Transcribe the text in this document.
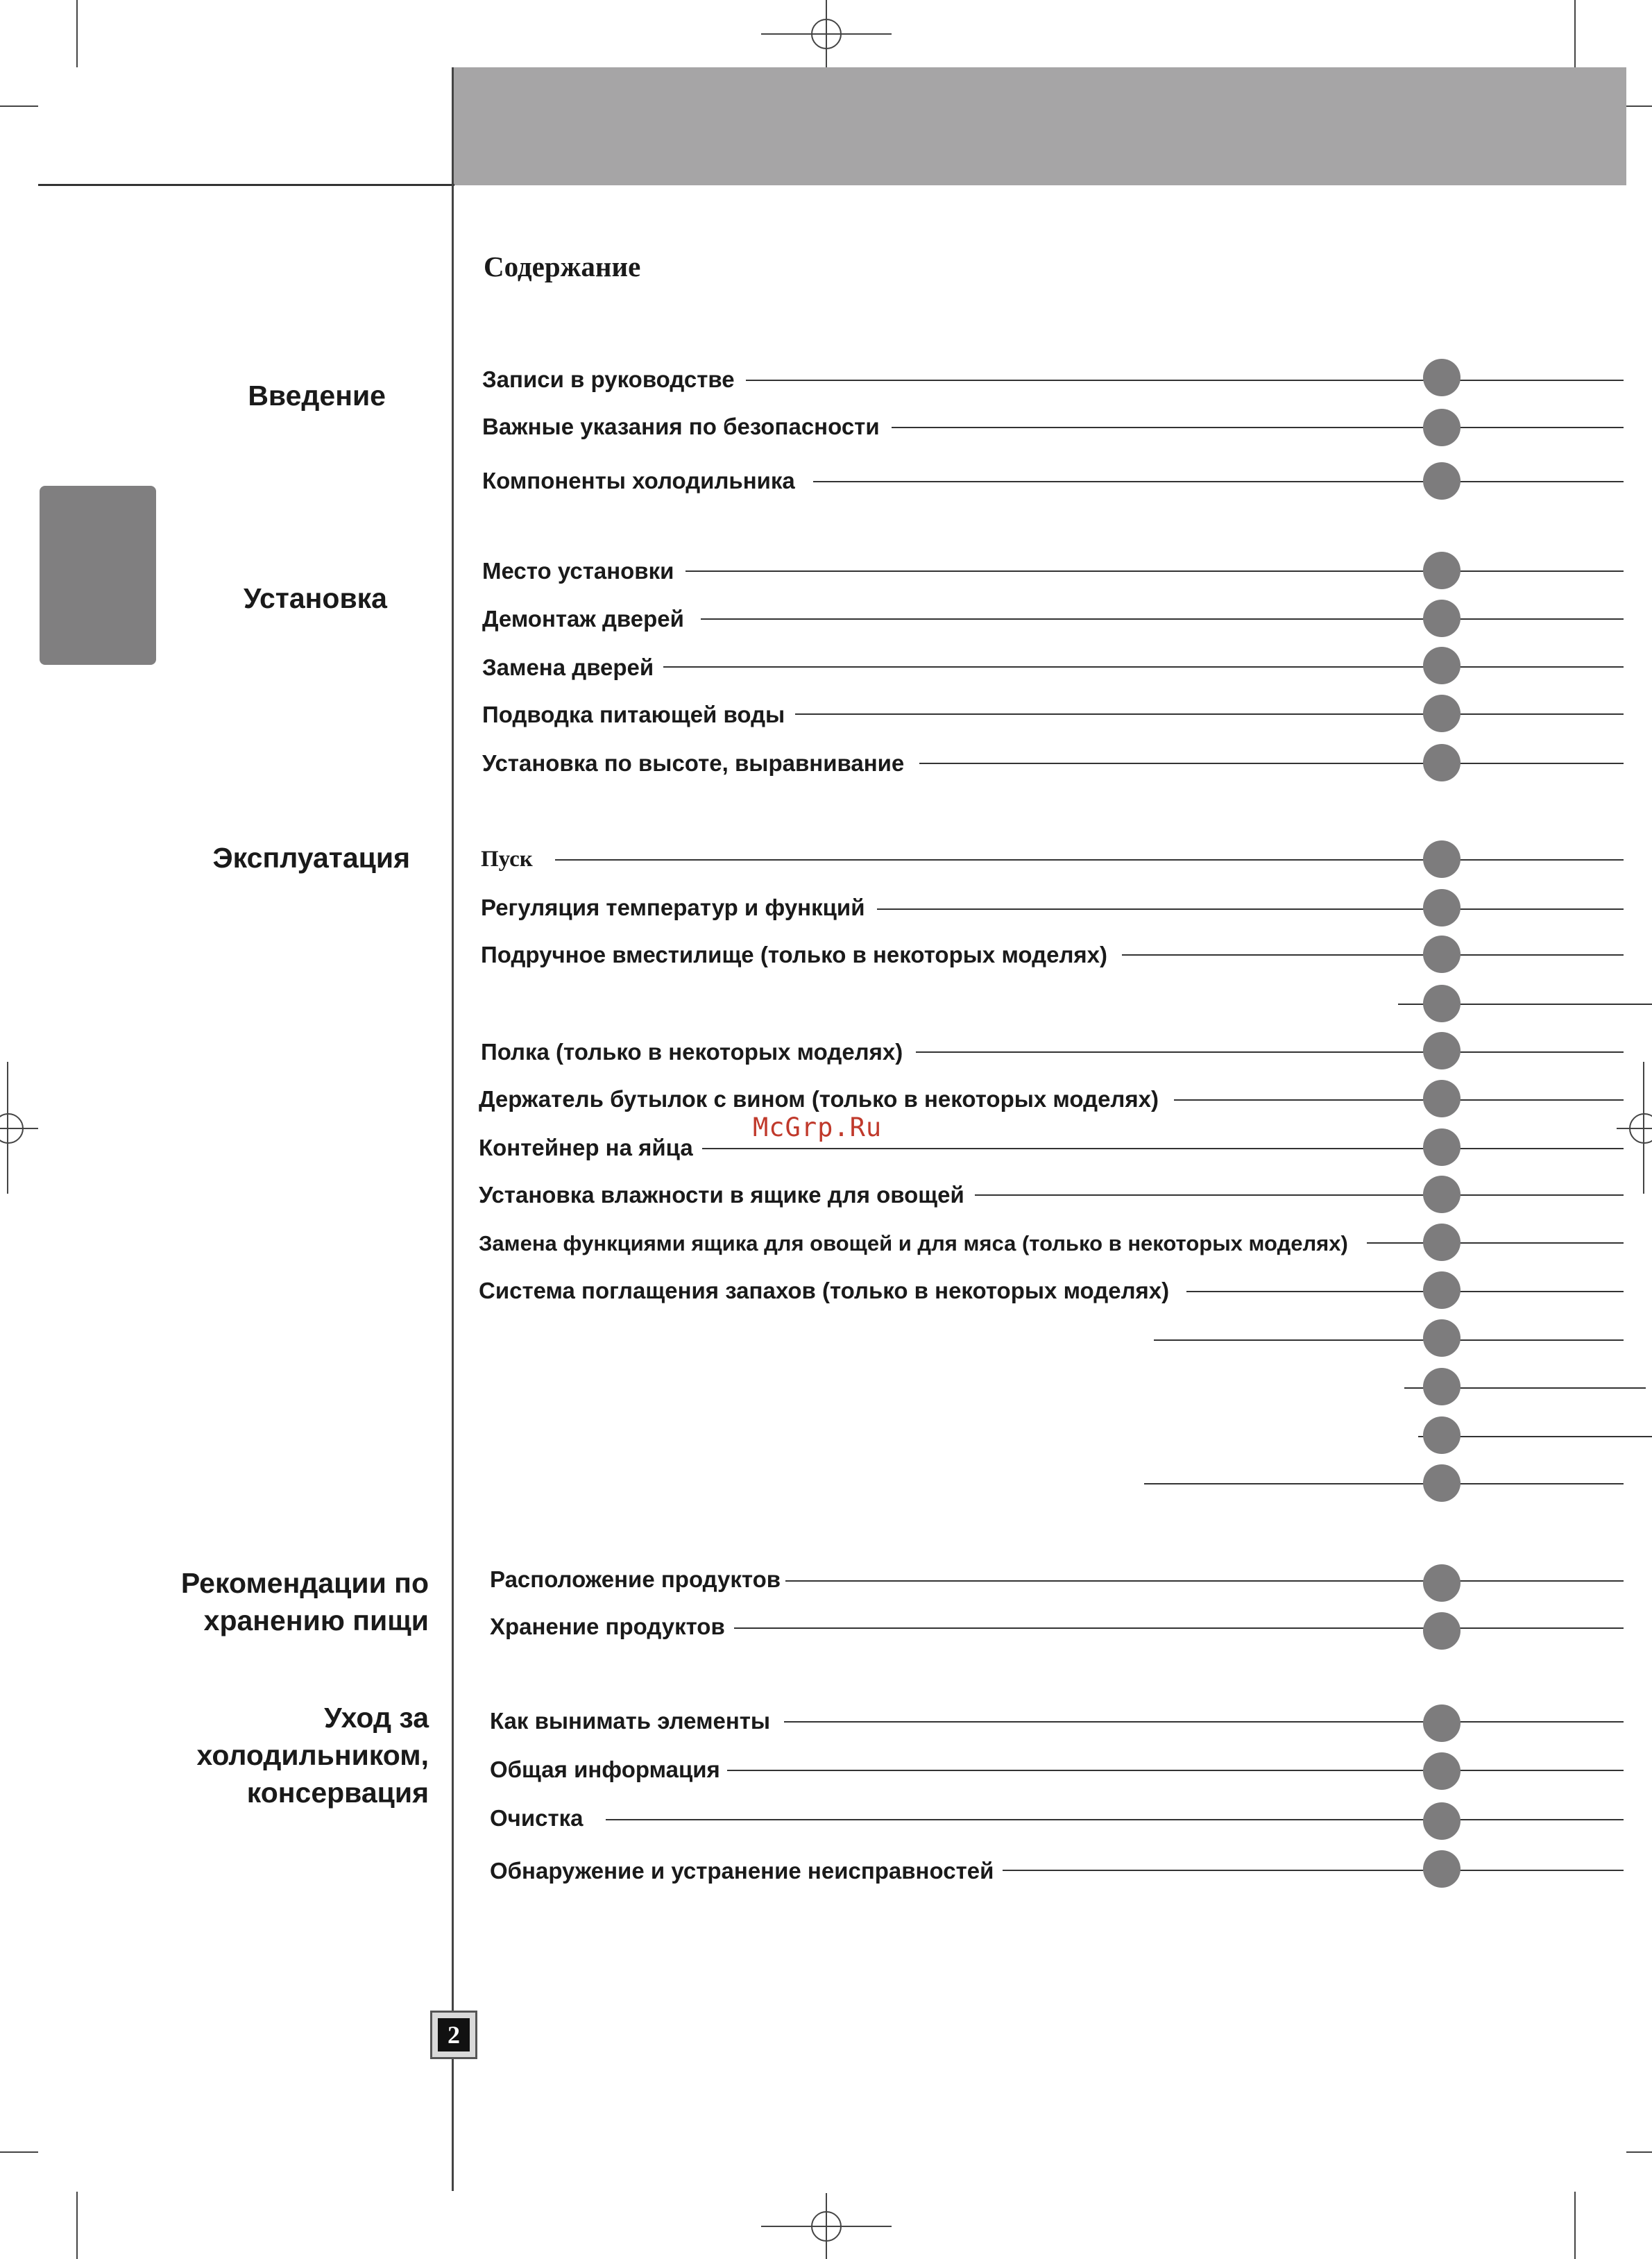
Содержание
Введение
Установка
Эксплуатация
Рекомендации по хранению пищи
Уход за холодильником, консервация
Записи в руководстве
Важные указания по безопасности
Компоненты холодильника
Место установки
Демонтаж дверей
Замена дверей
Подводка питающей воды
Установка по высоте, выравнивание
Пуск
Регуляция температур и функций
Подручное вместилище (только в некоторых моделях)
Полка (только в некоторых моделях)
Держатель бутылок с вином (только в некоторых моделях)
Контейнер на яйца
Установка влажности в ящике для овощей
Замена функциями ящика для овощей и для мяса (только в некоторых моделях)
Система поглащения запахов (только в некоторых моделях)
Расположение продуктов
Хранение продуктов
Как вынимать элементы
Общая информация
Очистка
Обнаружение и устранение неисправностей
McGrp.Ru
2
